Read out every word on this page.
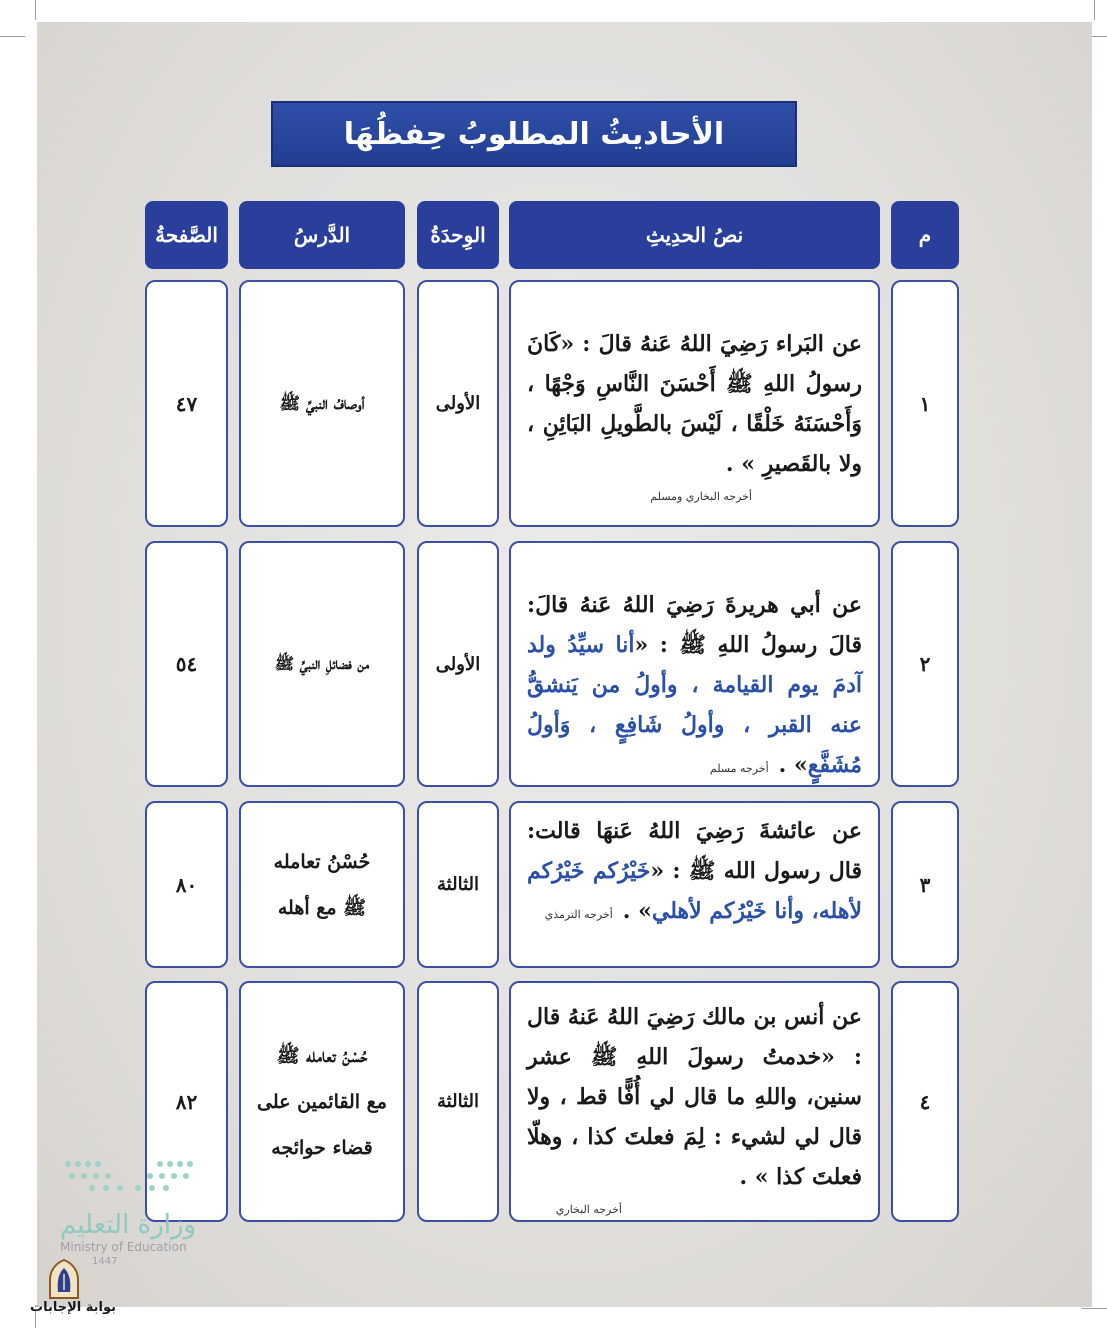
الأحاديثُ المطلوبُ حِفظُهَا
م
نصُ الحدِيثِ
الوِحدَةُ
الدَّرسُ
الصَّفحةُ
١
عن البَراء رَضِيَ اللهُ عَنهُ قالَ : «كَانَ رسولُ اللهِ ﷺ أَحْسَنَ النَّاسِ وَجْهًا ، وَأَحْسَنَهُ خَلْقًا ، لَيْسَ بالطَّويلِ البَائِنِ ، ولا بالقَصيرِ » .
أخرجه البخاري ومسلم
الأولى
أوصافُ النبيِّ ﷺ
٤٧
٢
عن أبي هريرةَ رَضِيَ اللهُ عَنهُ قالَ: قالَ رسولُ اللهِ ﷺ : «أنا سيِّدُ ولد آدمَ يوم القيامة ، وأولُ من يَنشقُّ عنه القبر ، وأولُ شَافِعٍ ، وَأولُ مُشَفَّعٍ» .أخرجه مسلم
الأولى
من فضائلِ النبيِّ ﷺ
٥٤
٣
عن عائشةَ رَضِيَ اللهُ عَنهَا قالت: قال رسول الله ﷺ : «خَيْرُكم خَيْرُكم لأهله، وأنا خَيْرُكم لأهلي» .أخرجه الترمذي
الثالثة
حُسْنُ تعامله
ﷺ مع أهله
٨٠
٤
عن أنس بن مالك رَضِيَ اللهُ عَنهُ قال : «خدمتُ رسولَ اللهِ ﷺ عشر سنين، واللهِ ما قال لي أُفًّا قط ، ولا قال لي لشيء : لِمَ فعلتَ كذا ، وهلّا فعلتَ كذا » .
أخرجه البخاري
الثالثة
حُسْنُ تعامله ﷺ
مع القائمين على
قضاء حوائجه
٨٢
وزارة التعليم
Ministry of Education
1447
بوابة الإجابات
